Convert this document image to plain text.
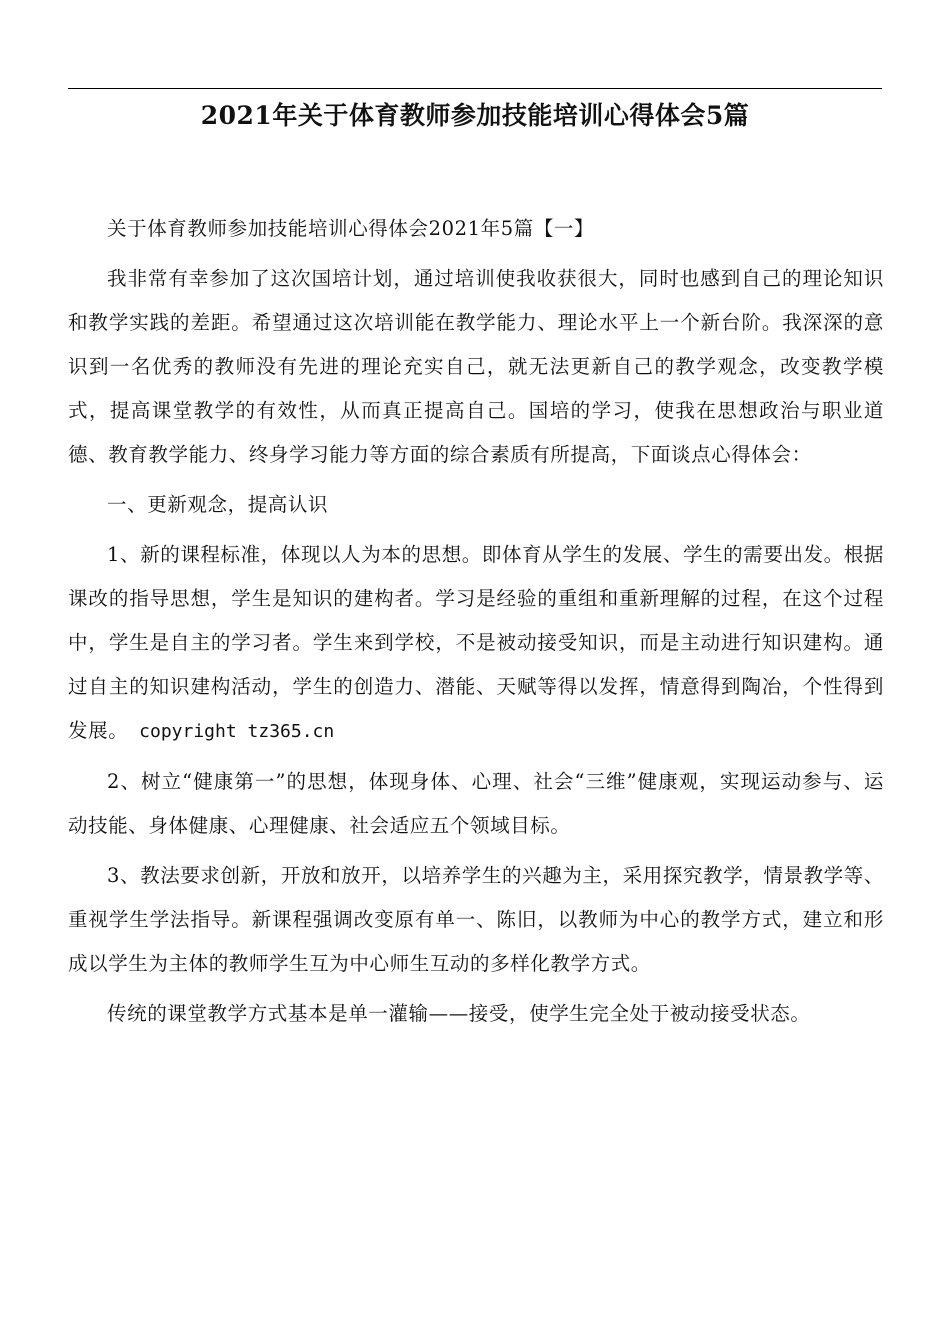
2021年关于体育教师参加技能培训心得体会5篇

关于体育教师参加技能培训心得体会2021年5篇【一】

我非常有幸参加了这次国培计划，通过培训使我收获很大，同时也感到自己的理论知识和教学实践的差距。希望通过这次培训能在教学能力、理论水平上一个新台阶。我深深的意识到一名优秀的教师没有先进的理论充实自己，就无法更新自己的教学观念，改变教学模式，提高课堂教学的有效性，从而真正提高自己。国培的学习，使我在思想政治与职业道德、教育教学能力、终身学习能力等方面的综合素质有所提高，下面谈点心得体会：

一、更新观念，提高认识

1、新的课程标准，体现以人为本的思想。即体育从学生的发展、学生的需要出发。根据课改的指导思想，学生是知识的建构者。学习是经验的重组和重新理解的过程，在这个过程中，学生是自主的学习者。学生来到学校，不是被动接受知识，而是主动进行知识建构。通过自主的知识建构活动，学生的创造力、潜能、天赋等得以发挥，情意得到陶冶，个性得到发展。 copyright tz365.cn

2、树立“健康第一”的思想，体现身体、心理、社会“三维”健康观，实现运动参与、运动技能、身体健康、心理健康、社会适应五个领域目标。

3、教法要求创新，开放和放开，以培养学生的兴趣为主，采用探究教学，情景教学等、重视学生学法指导。新课程强调改变原有单一、陈旧，以教师为中心的教学方式，建立和形成以学生为主体的教师学生互为中心师生互动的多样化教学方式。

传统的课堂教学方式基本是单一灌输——接受，使学生完全处于被动接受状态。
